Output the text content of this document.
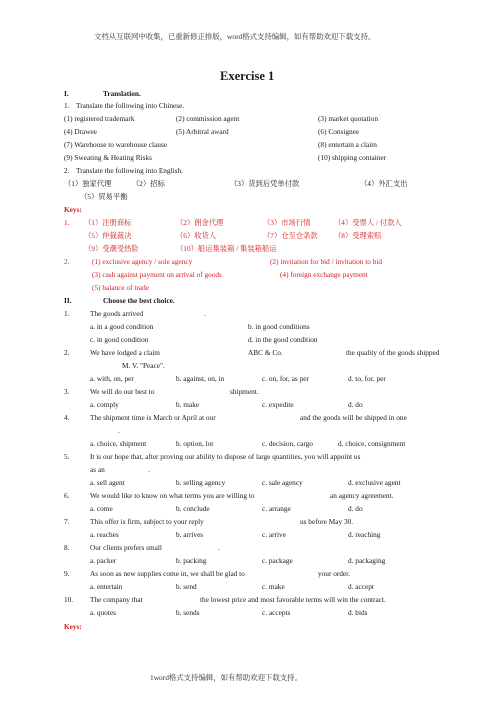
文档从互联网中收集，已重新修正排版，word格式支持编辑，如有帮助欢迎下载支持。
Exercise 1
I.	Translation.
1. Translate the following into Chinese.
(1) registered trademark	(2) commission agent	(3) market quotation
(4) Drawee	(5) Arbitral award	(6) Consignee
(7) Warehouse to warehouse clause	(8) entertain a claim
(9) Sweating & Heating Risks	(10) shipping container
2. Translate the following into English.
（1）独家代理	（2）招标	（3）货到后凭单付款	（4）外汇支出
（5）贸易平衡
Keys:
1. （1）注册商标	（2）佣金代理	（3）市场行情	（4）受票人 / 付款人
（5）仲裁裁决	（6）收货人	（7）仓至仓条款 （8）受理索赔
（9）受潮受热险	（10）船运集装箱 / 集装箱船运
2.	(1) exclusive agency / sole agency	(2) invitation for bid / invitation to bid
(3) cash against payment on arrival of goods	(4) foreign exchange payment
(5) balance of trade
II.	Choose the best choice.
1.	The goods arrived	.
a. in a good condition	b. in good conditions
c. in good condition	d. in the good condition
2.	We have lodged a claim	ABC & Co.	the quality of the goods shipped
M. V. "Peace".
a. with, on, per	b. against, on, in	c. on, for, as per	d. to, for, per
3.	We will do our best to	shipment.
a. comply	b. make	c. expedite	d. do
4.	The shipment time is March or April at our	and the goods will be shipped in one
.
a. choice, shipment	b. option, lot	c. decision, cargo	d. choice, consignment
5.	It is our hope that, after proving our ability to dispose of large quantities, you will appoint us
as an	.
a. sell agent	b. selling agency	c. sale agency	d. exclusive agent
6.	We would like to know on what terms you are willing to	an agency agreement.
a. come	b. conclude	c. arrange	d. do
7.	This offer is firm, subject to your reply	us before May 30.
a. reaches	b. arrives	c. arrive	d. reaching
8.	Our clients prefers small	.
a. packer	b. packing	c. package	d. packaging
9.	As soon as new supplies come in, we shall be glad to	your order.
a. entertain	b. send	c. make	d. accept
10. The company that	the lowest price and most favorable terms will win the contract.
a. quotes	b. sends	c. accepts	d. bids
Keys:
1word格式支持编辑，如有帮助欢迎下载支持。
